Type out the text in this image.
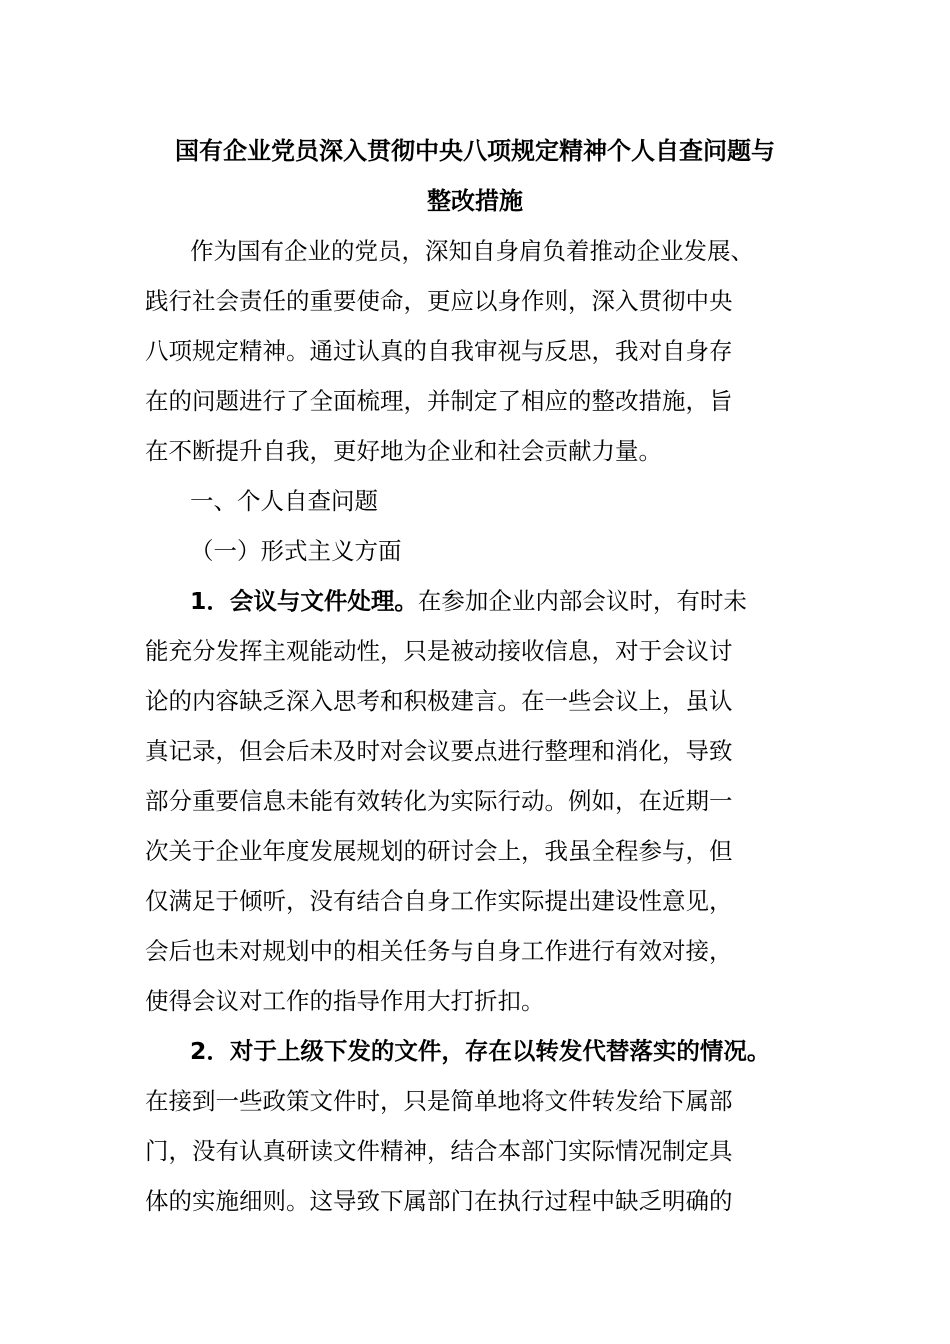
国有企业党员深入贯彻中央八项规定精神个人自查问题与
整改措施
作为国有企业的党员，深知自身肩负着推动企业发展、
践行社会责任的重要使命，更应以身作则，深入贯彻中央
八项规定精神。通过认真的自我审视与反思，我对自身存
在的问题进行了全面梳理，并制定了相应的整改措施，旨
在不断提升自我，更好地为企业和社会贡献力量。
一、个人自查问题
（一）形式主义方面
1．会议与文件处理。在参加企业内部会议时，有时未
能充分发挥主观能动性，只是被动接收信息，对于会议讨
论的内容缺乏深入思考和积极建言。在一些会议上，虽认
真记录，但会后未及时对会议要点进行整理和消化，导致
部分重要信息未能有效转化为实际行动。例如，在近期一
次关于企业年度发展规划的研讨会上，我虽全程参与，但
仅满足于倾听，没有结合自身工作实际提出建设性意见，
会后也未对规划中的相关任务与自身工作进行有效对接，
使得会议对工作的指导作用大打折扣。
2．对于上级下发的文件，存在以转发代替落实的情况。
在接到一些政策文件时，只是简单地将文件转发给下属部
门，没有认真研读文件精神，结合本部门实际情况制定具
体的实施细则。这导致下属部门在执行过程中缺乏明确的
